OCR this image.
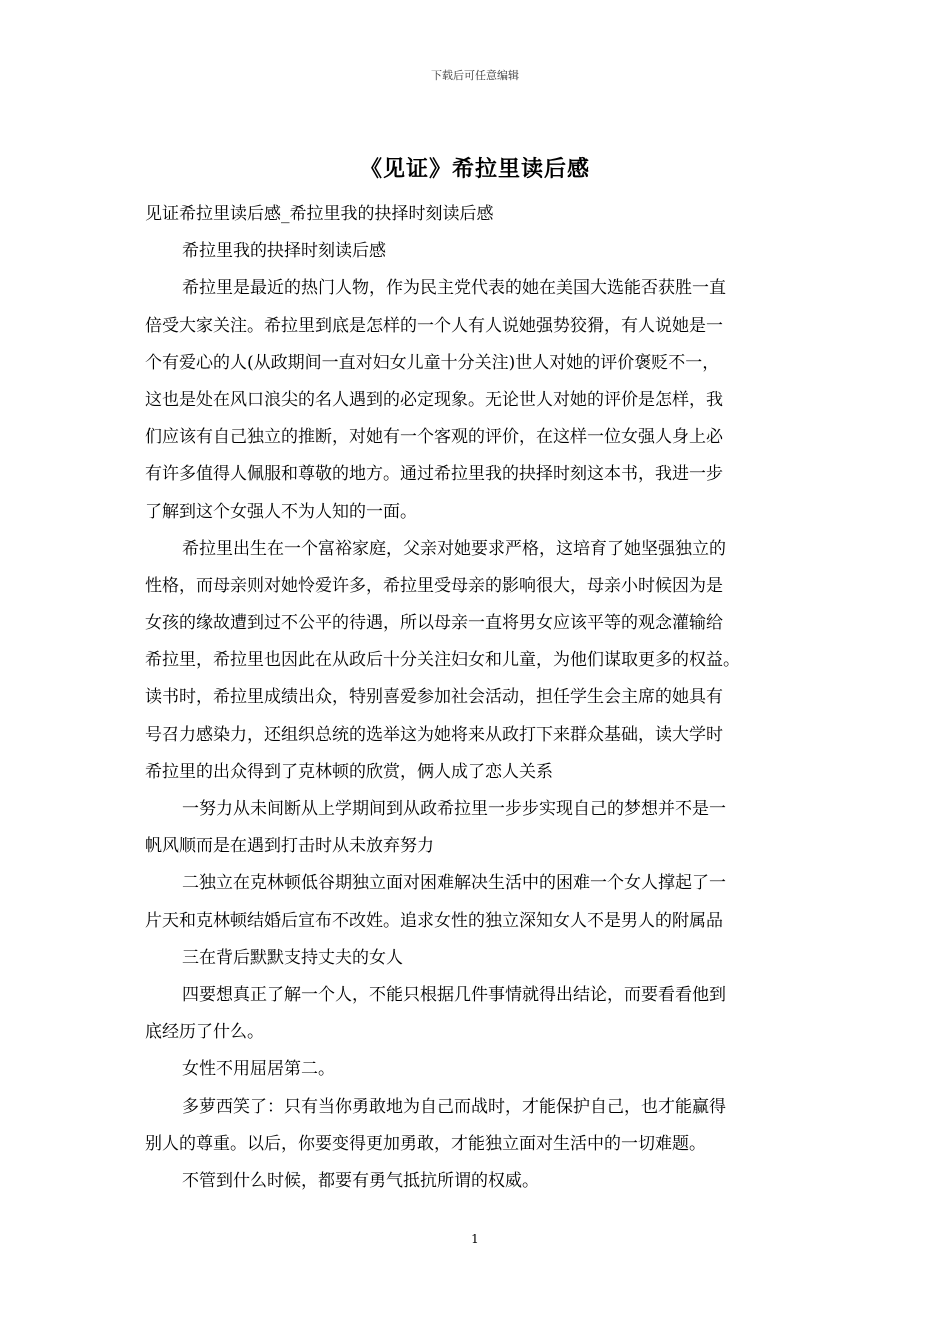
下载后可任意编辑
《见证》希拉里读后感
见证希拉里读后感_希拉里我的抉择时刻读后感
希拉里我的抉择时刻读后感
希拉里是最近的热门人物，作为民主党代表的她在美国大选能否获胜一直
倍受大家关注。希拉里到底是怎样的一个人有人说她强势狡猾，有人说她是一
个有爱心的人(从政期间一直对妇女儿童十分关注)世人对她的评价褒贬不一，
这也是处在风口浪尖的名人遇到的必定现象。无论世人对她的评价是怎样，我
们应该有自己独立的推断，对她有一个客观的评价，在这样一位女强人身上必
有许多值得人佩服和尊敬的地方。通过希拉里我的抉择时刻这本书，我进一步
了解到这个女强人不为人知的一面。
希拉里出生在一个富裕家庭，父亲对她要求严格，这培育了她坚强独立的
性格，而母亲则对她怜爱许多，希拉里受母亲的影响很大，母亲小时候因为是
女孩的缘故遭到过不公平的待遇，所以母亲一直将男女应该平等的观念灌输给
希拉里，希拉里也因此在从政后十分关注妇女和儿童，为他们谋取更多的权益。
读书时，希拉里成绩出众，特别喜爱参加社会活动，担任学生会主席的她具有
号召力感染力，还组织总统的选举这为她将来从政打下来群众基础，读大学时
希拉里的出众得到了克林顿的欣赏，俩人成了恋人关系
一努力从未间断从上学期间到从政希拉里一步步实现自己的梦想并不是一
帆风顺而是在遇到打击时从未放弃努力
二独立在克林顿低谷期独立面对困难解决生活中的困难一个女人撑起了一
片天和克林顿结婚后宣布不改姓。追求女性的独立深知女人不是男人的附属品
三在背后默默支持丈夫的女人
四要想真正了解一个人，不能只根据几件事情就得出结论，而要看看他到
底经历了什么。
女性不用屈居第二。
多萝西笑了：只有当你勇敢地为自己而战时，才能保护自己，也才能赢得
别人的尊重。以后，你要变得更加勇敢，才能独立面对生活中的一切难题。
不管到什么时候，都要有勇气抵抗所谓的权威。
1
